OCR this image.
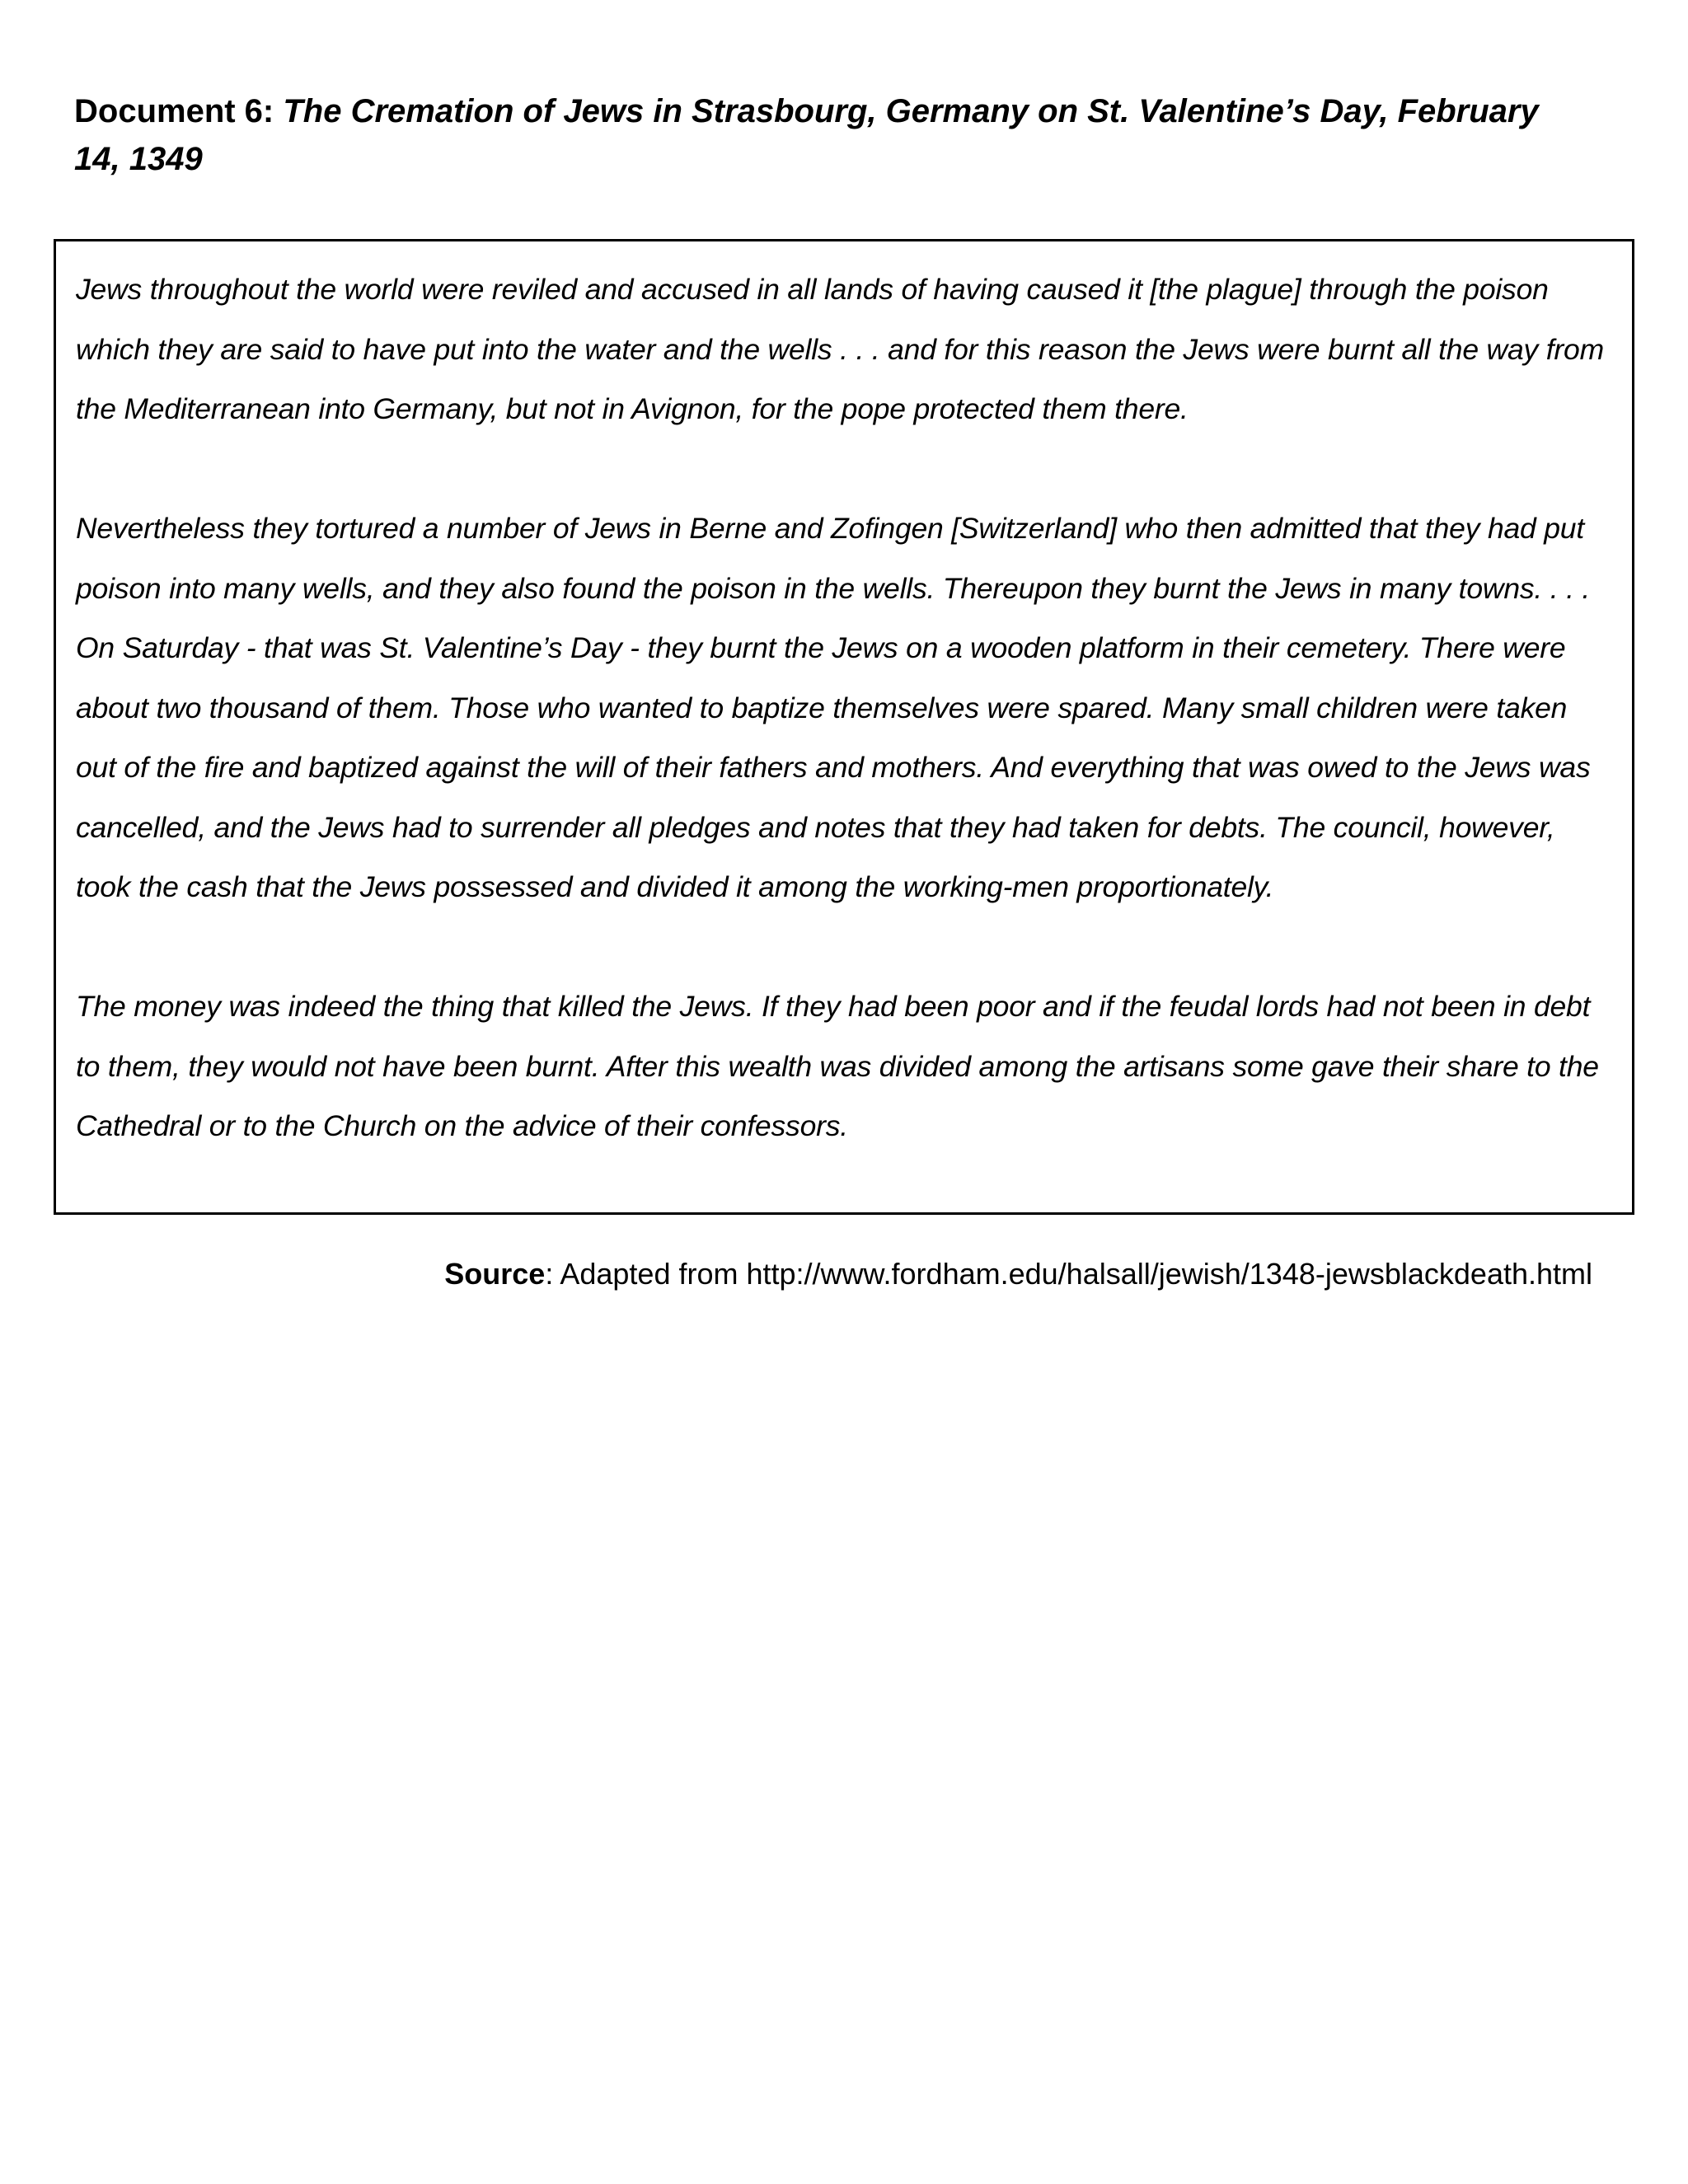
Document 6: The Cremation of Jews in Strasbourg, Germany on St. Valentine’s Day, February 14, 1349

Jews throughout the world were reviled and accused in all lands of having caused it [the plague] through the poison which they are said to have put into the water and the wells . . . and for this reason the Jews were burnt all the way from the Mediterranean into Germany, but not in Avignon, for the pope protected them there.

Nevertheless they tortured a number of Jews in Berne and Zofingen [Switzerland] who then admitted that they had put poison into many wells, and they also found the poison in the wells. Thereupon they burnt the Jews in many towns. . . . On Saturday - that was St. Valentine’s Day - they burnt the Jews on a wooden platform in their cemetery. There were about two thousand of them. Those who wanted to baptize themselves were spared. Many small children were taken out of the fire and baptized against the will of their fathers and mothers. And everything that was owed to the Jews was cancelled, and the Jews had to surrender all pledges and notes that they had taken for debts. The council, however, took the cash that the Jews possessed and divided it among the working-men proportionately.

The money was indeed the thing that killed the Jews. If they had been poor and if the feudal lords had not been in debt to them, they would not have been burnt. After this wealth was divided among the artisans some gave their share to the Cathedral or to the Church on the advice of their confessors.

Source: Adapted from http://www.fordham.edu/halsall/jewish/1348-jewsblackdeath.html
